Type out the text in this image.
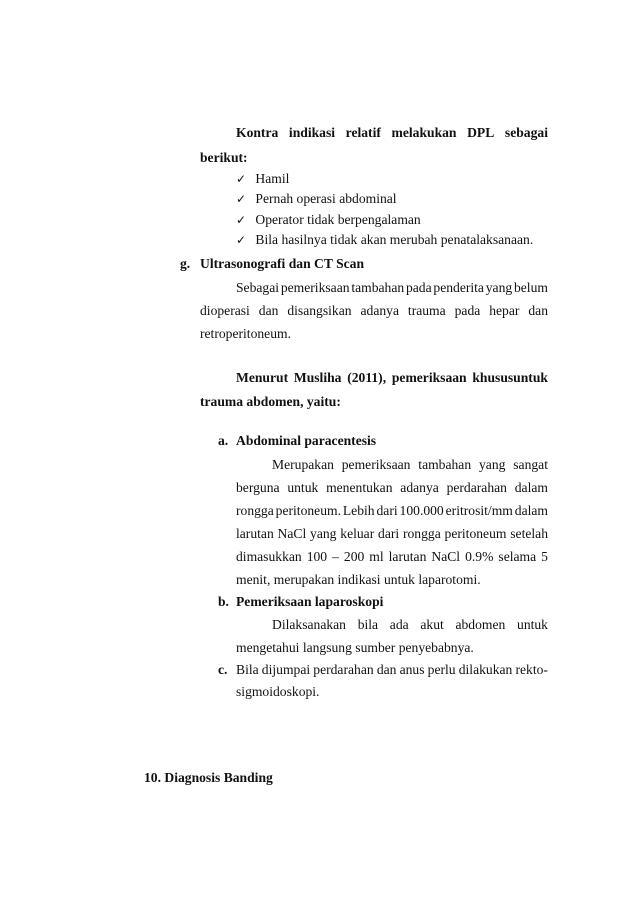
Kontra indikasi relatif melakukan DPL sebagai
berikut:
✓ Hamil
✓ Pernah operasi abdominal
✓ Operator tidak berpengalaman
✓ Bila hasilnya tidak akan merubah penatalaksanaan.
g. Ultrasonografi dan CT Scan
Sebagai pemeriksaan tambahan pada penderita yang belum
dioperasi dan disangsikan adanya trauma pada hepar dan
retroperitoneum.
Menurut Musliha (2011), pemeriksaan khususuntuk
trauma abdomen, yaitu:
a. Abdominal paracentesis
Merupakan pemeriksaan tambahan yang sangat
berguna untuk menentukan adanya perdarahan dalam
rongga peritoneum. Lebih dari 100.000 eritrosit/mm dalam
larutan NaCl yang keluar dari rongga peritoneum setelah
dimasukkan 100 – 200 ml larutan NaCl 0.9% selama 5
menit, merupakan indikasi untuk laparotomi.
b. Pemeriksaan laparoskopi
Dilaksanakan bila ada akut abdomen untuk
mengetahui langsung sumber penyebabnya.
c. Bila dijumpai perdarahan dan anus perlu dilakukan rekto-
sigmoidoskopi.
10. Diagnosis Banding
